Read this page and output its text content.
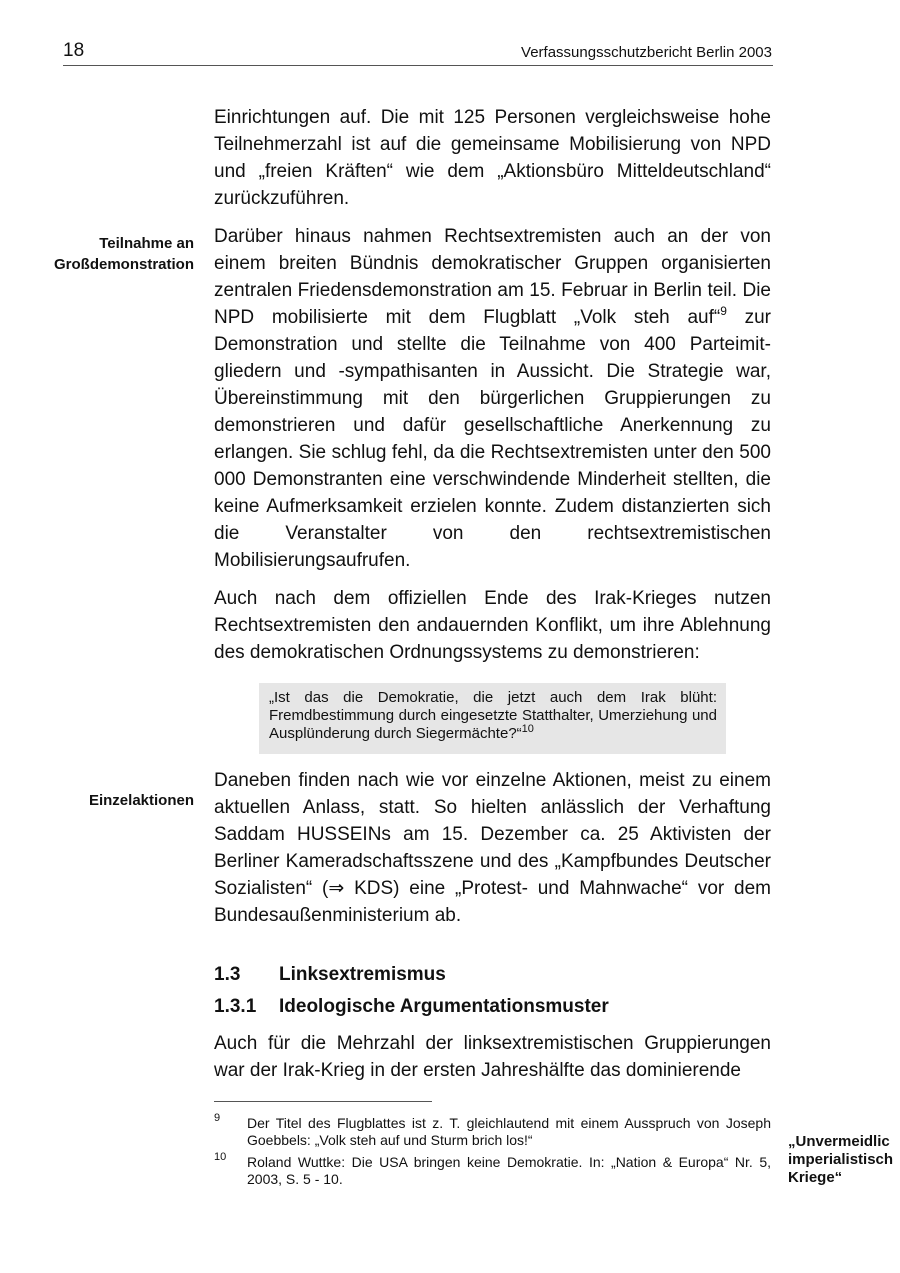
18	Verfassungsschutzbericht Berlin 2003
Teilnahme an
Großdemonstration
Einzelaktionen
Einrichtungen auf. Die mit 125 Personen vergleichsweise hohe Teilnehmerzahl ist auf die gemeinsame Mobilisierung von NPD und „freien Kräften“ wie dem „Aktionsbüro Mitteldeutschland“ zurückzuführen.
Darüber hinaus nahmen Rechtsextremisten auch an der von einem breiten Bündnis demokratischer Gruppen organisierten zentralen Friedensdemonstration am 15. Februar in Berlin teil. Die NPD mobilisierte mit dem Flugblatt „Volk steh auf“$^9$ zur Demonstration und stellte die Teilnahme von 400 Parteimitgliedern und -sympathisanten in Aussicht. Die Strategie war, Übereinstimmung mit den bürgerlichen Gruppierungen zu demonstrieren und dafür gesellschaftliche Anerkennung zu erlangen. Sie schlug fehl, da die Rechtsextremisten unter den 500 000 Demonstranten eine verschwindende Minderheit stellten, die keine Aufmerksamkeit erzielen konnte. Zudem distanzierten sich die Veranstalter von den rechtsextremistischen Mobilisierungsaufrufen.
Auch nach dem offiziellen Ende des Irak-Krieges nutzen Rechtsextremisten den andauernden Konflikt, um ihre Ablehnung des demokratischen Ordnungssystems zu demonstrieren:
„Ist das die Demokratie, die jetzt auch dem Irak blüht: Fremdbestimmung durch eingesetzte Statthalter, Umerziehung und Ausplünderung durch Siegermächte?“$^{10}$
Daneben finden nach wie vor einzelne Aktionen, meist zu einem aktuellen Anlass, statt. So hielten anlässlich der Verhaftung Saddam HUSSEINs am 15. Dezember ca. 25 Aktivisten der Berliner Kameradschaftsszene und des „Kampfbundes Deutscher Sozialisten“ (⇒ KDS) eine „Protest- und Mahnwache“ vor dem Bundesaußenministerium ab.
1.3 Linksextremismus
1.3.1 Ideologische Argumentationsmuster
Auch für die Mehrzahl der linksextremistischen Gruppierungen war der Irak-Krieg in der ersten Jahreshälfte das dominierende
9 Der Titel des Flugblattes ist z. T. gleichlautend mit einem Ausspruch von Joseph Goebbels: „Volk steh auf und Sturm brich los!“
10 Roland Wuttke: Die USA bringen keine Demokratie. In: „Nation & Europa“ Nr. 5, 2003, S. 5 - 10.
„Unvermeidlic
imperialistisch
Kriege“
